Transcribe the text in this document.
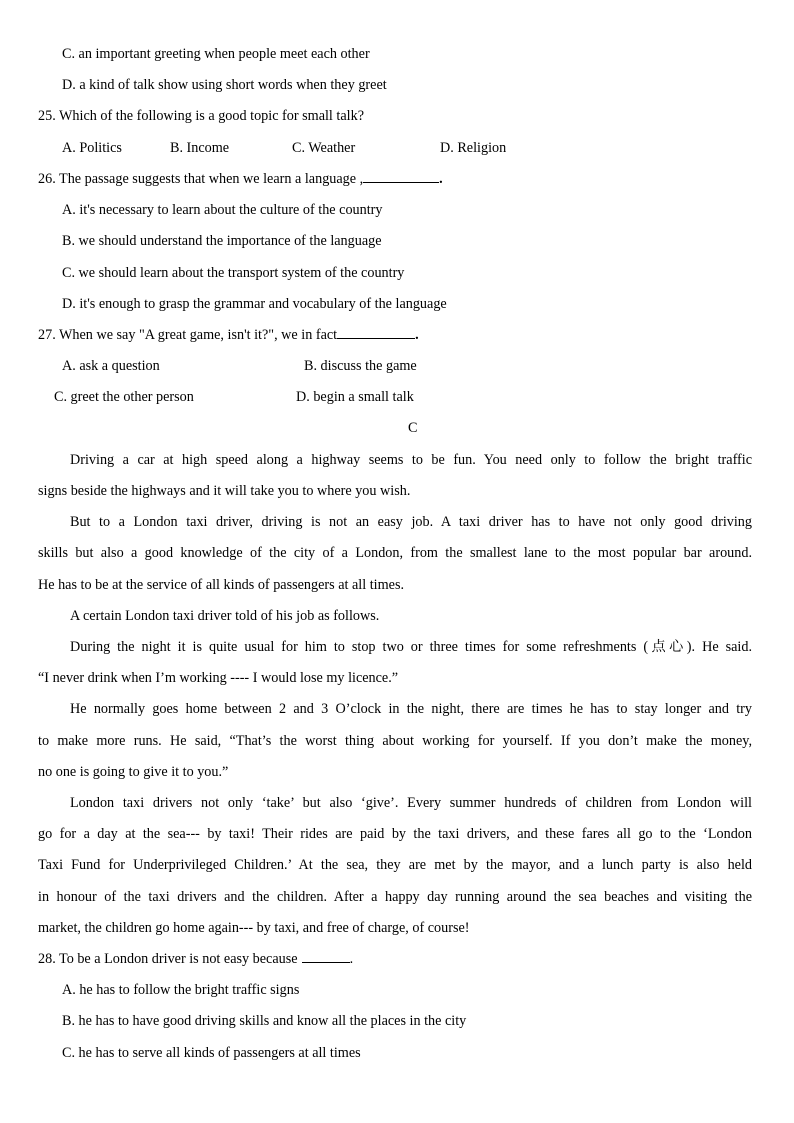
C. an important greeting when people meet each other
D. a kind of talk show using short words when they greet
25. Which of the following is a good topic for small talk?
A. Politics	B. Income	C. Weather	D. Religion
26. The passage suggests that when we learn a language ,	.
A. it's necessary to learn about the culture of the country
B. we should understand the importance of the language
C. we should learn about the transport system of the country
D. it's enough to grasp the grammar and vocabulary of the language
27. When we say "A great game, isn't it?", we in fact	.
A. ask a question	B. discuss the game
C. greet the other person	D. begin a small talk
C
Driving a car at high speed along a highway seems to be fun. You need only to follow the bright traffic
signs beside the highways and it will take you to where you wish.
But to a London taxi driver, driving is not an easy job. A taxi driver has to have not only good driving
skills but also a good knowledge of the city of a London, from the smallest lane to the most popular bar around.
He has to be at the service of all kinds of passengers at all times.
A certain London taxi driver told of his job as follows.
During the night it is quite usual for him to stop two or three times for some refreshments (点心). He said.
“I never drink when I’m working ---- I would lose my licence.”
He normally goes home between 2 and 3 O’clock in the night, there are times he has to stay longer and try
to make more runs. He said, “That’s the worst thing about working for yourself. If you don’t make the money,
no one is going to give it to you.”
London taxi drivers not only ‘take’ but also ‘give’. Every summer hundreds of children from London will
go for a day at the sea--- by taxi! Their rides are paid by the taxi drivers, and these fares all go to the ‘London
Taxi Fund for Underprivileged Children.’ At the sea, they are met by the mayor, and a lunch party is also held
in honour of the taxi drivers and the children. After a happy day running around the sea beaches and visiting the
market, the children go home again--- by taxi, and free of charge, of course!
28. To be a London driver is not easy because	.
A. he has to follow the bright traffic signs
B. he has to have good driving skills and know all the places in the city
C. he has to serve all kinds of passengers at all times
